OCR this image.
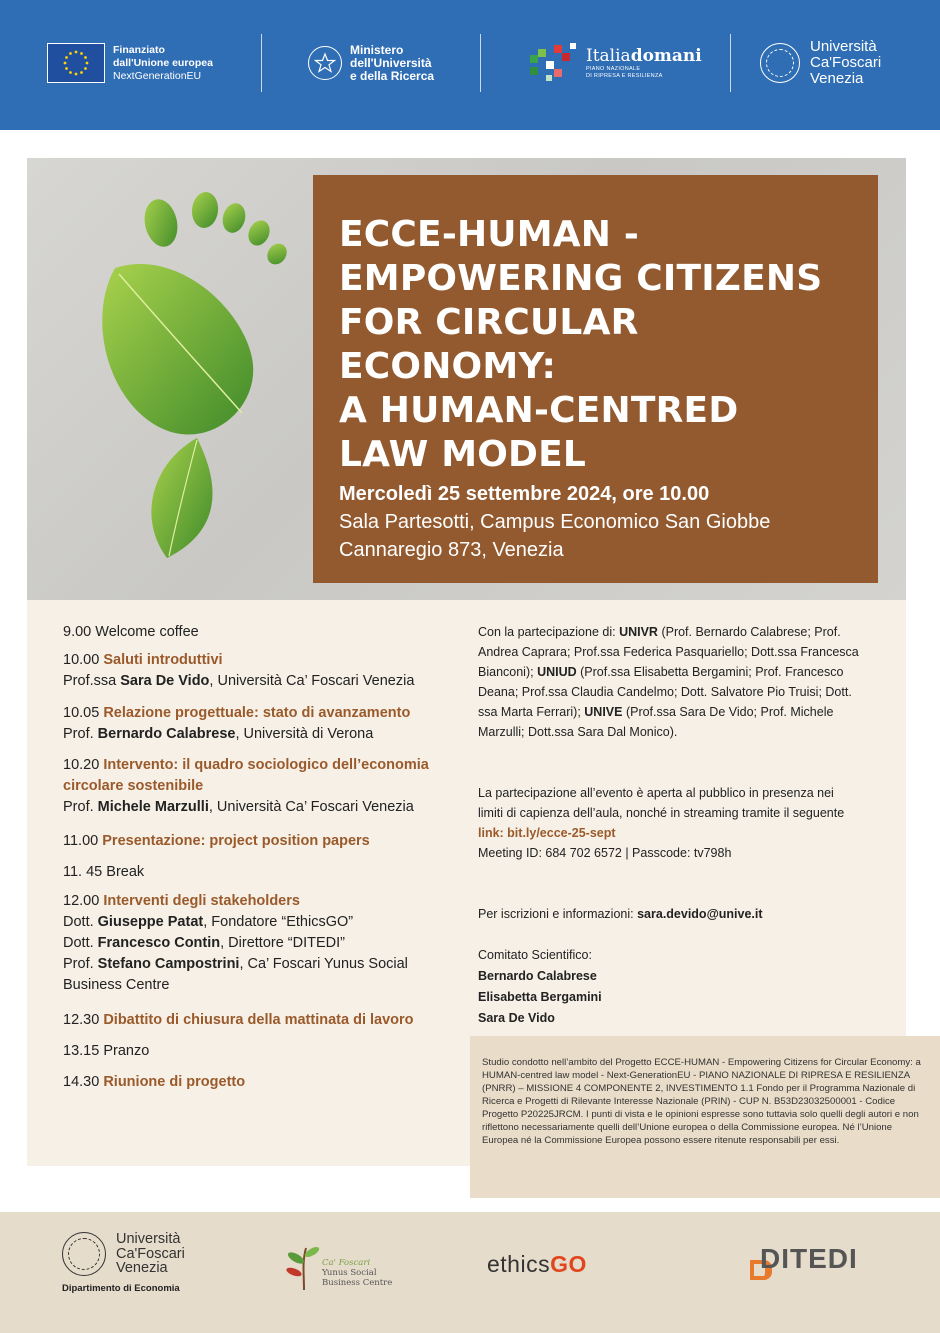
Finanziato
dall'Unione europea
NextGenerationEU
Ministero
dell'Università
e della Ricerca
Italiadomani
PIANO NAZIONALE
DI RIPRESA E RESILIENZA
Università
Ca'Foscari
Venezia
ECCE-HUMAN -
EMPOWERING CITIZENS
FOR CIRCULAR ECONOMY:
A HUMAN-CENTRED
LAW MODEL
Mercoledì 25 settembre 2024, ore 10.00
Sala Partesotti, Campus Economico San Giobbe
Cannaregio 873, Venezia
9.00 Welcome coffee
10.00 Saluti introduttivi
Prof.ssa Sara De Vido, Università Ca’ Foscari Venezia
10.05 Relazione progettuale: stato di avanzamento
Prof. Bernardo Calabrese, Università di Verona
10.20 Intervento: il quadro sociologico dell’economia
circolare sostenibile
Prof. Michele Marzulli, Università Ca’ Foscari Venezia
11.00 Presentazione: project position papers
11. 45 Break
12.00 Interventi degli stakeholders
Dott. Giuseppe Patat, Fondatore “EthicsGO”
Dott. Francesco Contin, Direttore “DITEDI”
Prof. Stefano Campostrini, Ca’ Foscari Yunus Social
Business Centre
12.30 Dibattito di chiusura della mattinata di lavoro
13.15 Pranzo
14.30 Riunione di progetto
Con la partecipazione di: UNIVR (Prof. Bernardo Calabrese; Prof.
Andrea Caprara; Prof.ssa Federica Pasquariello; Dott.ssa Francesca
Bianconi); UNIUD (Prof.ssa Elisabetta Bergamini; Prof. Francesco
Deana; Prof.ssa Claudia Candelmo; Dott. Salvatore Pio Truisi; Dott.
ssa Marta Ferrari); UNIVE (Prof.ssa Sara De Vido; Prof. Michele
Marzulli; Dott.ssa Sara Dal Monico).
La partecipazione all’evento è aperta al pubblico in presenza nei
limiti di capienza dell’aula, nonché in streaming tramite il seguente
link: bit.ly/ecce-25-sept
Meeting ID: 684 702 6572 | Passcode: tv798h
Per iscrizioni e informazioni: sara.devido@unive.it
Comitato Scientifico:
Bernardo Calabrese
Elisabetta Bergamini
Sara De Vido
Studio condotto nell’ambito del Progetto ECCE-HUMAN - Empowering Citizens for Circular Economy: a HUMAN-centred law model - Next-GenerationEU - PIANO NAZIONALE DI RIPRESA E RESILIENZA (PNRR) – MISSIONE 4 COMPONENTE 2, INVESTIMENTO 1.1 Fondo per il Programma Nazionale di Ricerca e Progetti di Rilevante Interesse Nazionale (PRIN) - CUP N. B53D23032500001 - Codice Progetto P20225JRCM. I punti di vista e le opinioni espresse sono tuttavia solo quelli degli autori e non riflettono necessariamente quelli dell’Unione europea o della Commissione europea. Né l’Unione Europea né la Commissione Europea possono essere ritenute responsabili per essi.
Università
Ca'Foscari
Venezia
Dipartimento di Economia
Ca' Foscari
Yunus Social
Business Centre
ethicsGO	DITEDI
